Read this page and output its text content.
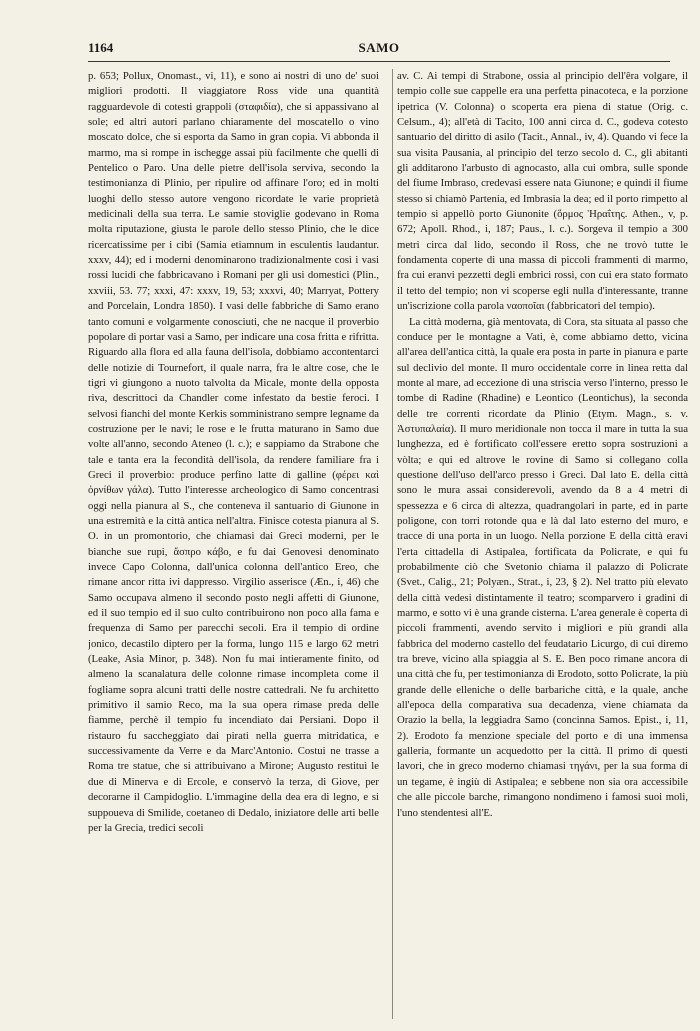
1164	SAMO

p. 653; Pollux, Onomast., vi, 11), e sono ai nostri di uno de' suoi migliori prodotti. Il viaggiatore Ross vide una quantità ragguardevole di cotesti grappoli (σταφιδία), che si appassivano al sole; ed altri autori parlano chiaramente del moscatello o vino moscato dolce, che si esporta da Samo in gran copia. Vi abbonda il marmo, ma si rompe in ischegge assai più facilmente che quelli di Pentelico o Paro. Una delle pietre dell'isola serviva, secondo la testimonianza di Plinio, per ripulire od affinare l'oro; ed in molti luoghi dello stesso autore vengono ricordate le varie proprietà medicinali della sua terra. Le samie stoviglie godevano in Roma molta riputazione, giusta le parole dello stesso Plinio, che le dice ricercatissime per i cibi (Samia etiamnum in esculentis laudantur. xxxv, 44); ed i moderni denominarono tradizionalmente così i vasi rossi lucidi che fabbricavano i Romani per gli usi domestici (Plin., xxviii, 53. 77; xxxi, 47: xxxv, 19, 53; xxxvi, 40; Marryat, Pottery and Porcelain, Londra 1850). I vasi delle fabbriche di Samo erano tanto comuni e volgarmente conosciuti, che ne nacque il proverbio popolare di portar vasi a Samo, per indicare una cosa fritta e rifritta. Riguardo alla flora ed alla fauna dell'isola, dobbiamo accontentarci delle notizie di Tournefort, il quale narra, fra le altre cose, che le tigri vi giungono a nuoto talvolta da Micale, monte della opposta riva, descrittoci da Chandler come infestato da bestie feroci. I selvosi fianchi del monte Kerkis somministrano sempre legname da costruzione per le navi; le rose e le frutta maturano in Samo due volte all'anno, secondo Ateneo (l. c.); e sappiamo da Strabone che tale e tanta era la fecondità dell'isola, da rendere familiare fra i Greci il proverbio: produce perfino latte di galline (φέρει καὶ ὀρνίθων γάλα). Tutto l'interesse archeologico di Samo concentrasi oggi nella pianura al S., che conteneva il santuario di Giunone in una estremità e la città antica nell'altra. Finisce cotesta pianura al S. O. in un promontorio, che chiamasi dai Greci moderni, per le bianche sue rupi, ἄσπρο κάβο, e fu dai Genovesi denominato invece Capo Colonna, dall'unica colonna dell'antico Ereo, che rimane ancor ritta ivi dappresso. Virgilio asserisce (Æn., i, 46) che Samo occupava almeno il secondo posto negli affetti di Giunone, ed il suo tempio ed il suo culto contribuirono non poco alla fama e frequenza di Samo per parecchi secoli. Era il tempio di ordine jonico, decastilo diptero per la forma, lungo 115 e largo 62 metri (Leake, Asia Minor, p. 348). Non fu mai intieramente finito, od almeno la scanalatura delle colonne rimase incompleta come il fogliame sopra alcuni tratti delle nostre cattedrali. Ne fu architetto primitivo il samio Reco, ma la sua opera rimase preda delle fiamme, perchè il tempio fu incendiato dai Persiani. Dopo il ristauro fu saccheggiato dai pirati nella guerra mitridatica, e successivamente da Verre e da Marc'Antonio. Costui ne trasse a Roma tre statue, che si attribuivano a Mirone; Augusto restituì le due di Minerva e di Ercole, e conservò la terza, di Giove, per decorarne il Campidoglio. L'immagine della dea era di legno, e si suppoueva di Smilide, coetaneo di Dedalo, iniziatore delle arti belle per la Grecia, tredici secoli

av. C. Ai tempi di Strabone, ossia al principio dell'êra volgare, il tempio colle sue cappelle era una perfetta pinacoteca, e la porzione ipetrica (V. Colonna) o scoperta era piena di statue (Orig. c. Celsum., 4); all'età di Tacito, 100 anni circa d. C., godeva cotesto santuario del diritto di asilo (Tacit., Annal., iv, 4). Quando vi fece la sua visita Pausania, al principio del terzo secolo d. C., gli abitanti gli additarono l'arbusto di agnocasto, alla cui ombra, sulle sponde del fiume Imbraso, credevasi essere nata Giunone; e quindi il fiume stesso si chiamò Partenia, ed Imbrasia la dea; ed il porto rimpetto al tempio si appellò porto Giunonite (ὅρμος Ἡραΐτης. Athen., v, p. 672; Apoll. Rhod., i, 187; Paus., l. c.). Sorgeva il tempio a 300 metri circa dal lido, secondo il Ross, che ne trovò tutte le fondamenta coperte di una massa di piccoli frammenti di marmo, fra cui eranvi pezzetti degli embrici rossi, con cui era stato formato il tetto del tempio; non vi scoperse egli nulla d'interessante, tranne un'iscrizione colla parola ναοποῖαι (fabbricatori del tempio).

La città moderna, già mentovata, di Cora, sta situata al passo che conduce per le montagne a Vati, è, come abbiamo detto, vicina all'area dell'antica città, la quale era posta in parte in pianura e parte sul declivio del monte. Il muro occidentale corre in linea retta dal monte al mare, ad eccezione di una striscia verso l'interno, presso le tombe di Radine (Rhadine) e Leontico (Leontichus), la seconda delle tre correnti ricordate da Plinio (Etym. Magn., s. v. Ἀστυπαλαία). Il muro meridionale non tocca il mare in tutta la sua lunghezza, ed è fortificato coll'essere eretto sopra sostruzioni a vòlta; e qui ed altrove le rovine di Samo si collegano colla questione dell'uso dell'arco presso i Greci. Dal lato E. della città sono le mura assai considerevoli, avendo da 8 a 4 metri di spessezza e 6 circa di altezza, quadrangolari in parte, ed in parte poligone, con torri rotonde qua e là dal lato esterno del muro, e tracce di una porta in un luogo. Nella porzione E della città eravi l'erta cittadella di Astipalea, fortificata da Policrate, e qui fu probabilmente ciò che Svetonio chiama il palazzo di Policrate (Svet., Calig., 21; Polyæn., Strat., i, 23, § 2). Nel tratto più elevato della città vedesi distintamente il teatro; scomparvero i gradini di marmo, e sotto vi è una grande cisterna. L'area generale è coperta di piccoli frammenti, avendo servito i migliori e più grandi alla fabbrica del moderno castello del feudatario Licurgo, di cui diremo tra breve, vicino alla spiaggia al S. E. Ben poco rimane ancora di una città che fu, per testimonianza di Erodoto, sotto Policrate, la più grande delle elleniche o delle barbariche città, e la quale, anche all'epoca della comparativa sua decadenza, viene chiamata da Orazio la bella, la leggiadra Samo (concinna Samos. Epist., i, 11, 2). Erodoto fa menzione speciale del porto e di una immensa galleria, formante un acquedotto per la città. Il primo di questi lavori, che in greco moderno chiamasi τηγάνι, per la sua forma di un tegame, è ingiù di Astipalea; e sebbene non sia ora accessibile che alle piccole barche, rimangono nondimeno i famosi suoi moli, l'uno stendentesi all'E.
